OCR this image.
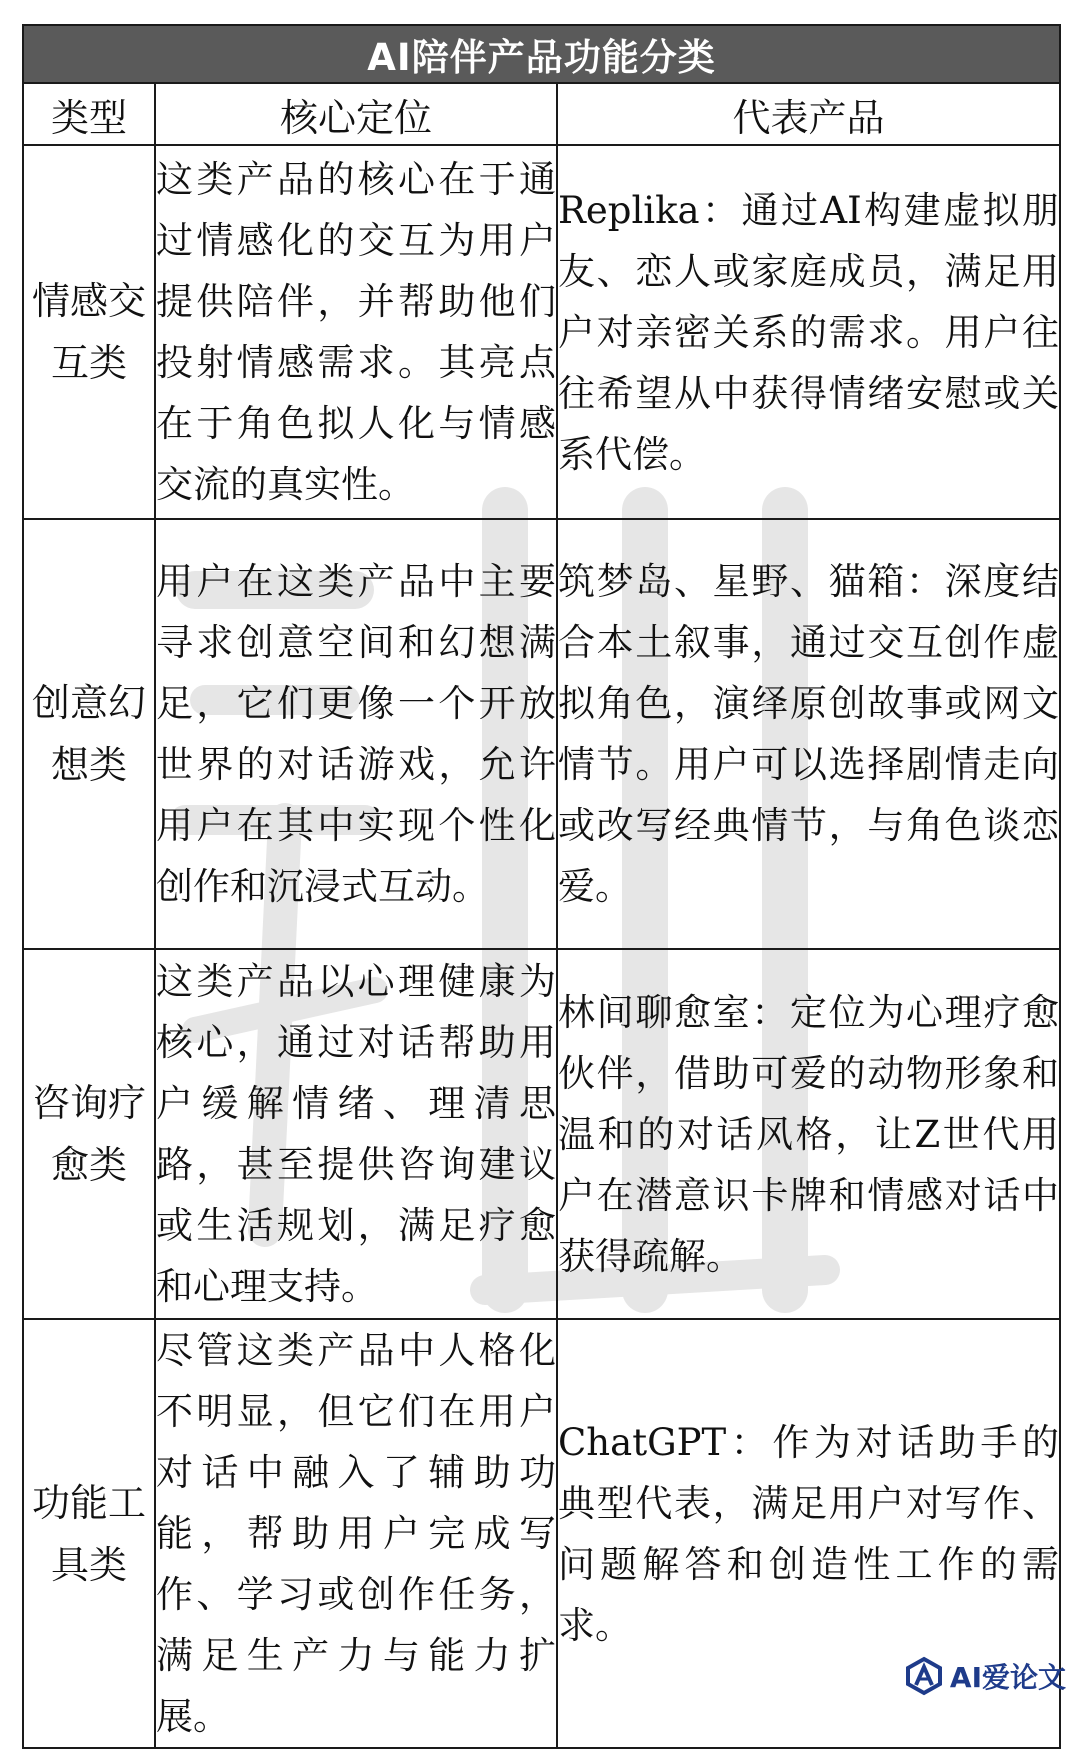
AI陪伴产品功能分类		
类型	核心定位	代表产品
情感交互类	这类产品的核心在于通过情感化的交互为用户提供陪伴，并帮助他们投射情感需求。其亮点在于角色拟人化与情感交流的真实性。	Replika：通过AI构建虚拟朋友、恋人或家庭成员，满足用户对亲密关系的需求。用户往往希望从中获得情绪安慰或关系代偿。
创意幻想类	用户在这类产品中主要寻求创意空间和幻想满足，它们更像一个开放世界的对话游戏，允许用户在其中实现个性化创作和沉浸式互动。	筑梦岛、星野、猫箱：深度结合本土叙事，通过交互创作虚拟角色，演绎原创故事或网文情节。用户可以选择剧情走向或改写经典情节，与角色谈恋爱。
咨询疗愈类	这类产品以心理健康为核心，通过对话帮助用户缓解情绪、理清思路，甚至提供咨询建议或生活规划，满足疗愈和心理支持。	林间聊愈室：定位为心理疗愈伙伴，借助可爱的动物形象和温和的对话风格，让Z世代用户在潜意识卡牌和情感对话中获得疏解。
功能工具类	尽管这类产品中人格化不明显，但它们在用户对话中融入了辅助功能，帮助用户完成写作、学习或创作任务，满足生产力与能力扩展。	ChatGPT：作为对话助手的典型代表，满足用户对写作、问题解答和创造性工作的需求。
AI爱论文
